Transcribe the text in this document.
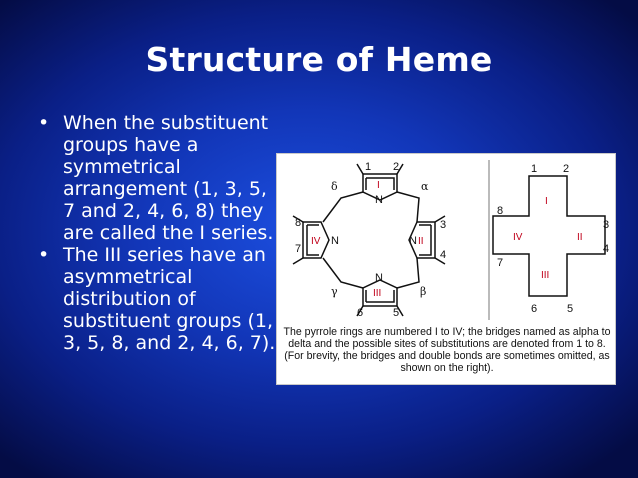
Structure of Heme
• When the substituent groups have a symmetrical arrangement (1, 3, 5, 7 and 2, 4, 6, 8) they are called the I series.
• The III series have an asymmetrical distribution of substituent groups (1, 3, 5, 8, and 2, 4, 6, 7).
N
N
N
N
α
β
γ
δ
1 2
3
4
5
6
7
8
I
II
III
IV
I
II
III
IV
1 2
3
4
5
6
7
8
The pyrrole rings are numbered I to IV; the bridges named as alpha to delta and the possible sites of substitutions are denoted from 1 to 8. (For brevity, the bridges and double bonds are sometimes omitted, as shown on the right).
